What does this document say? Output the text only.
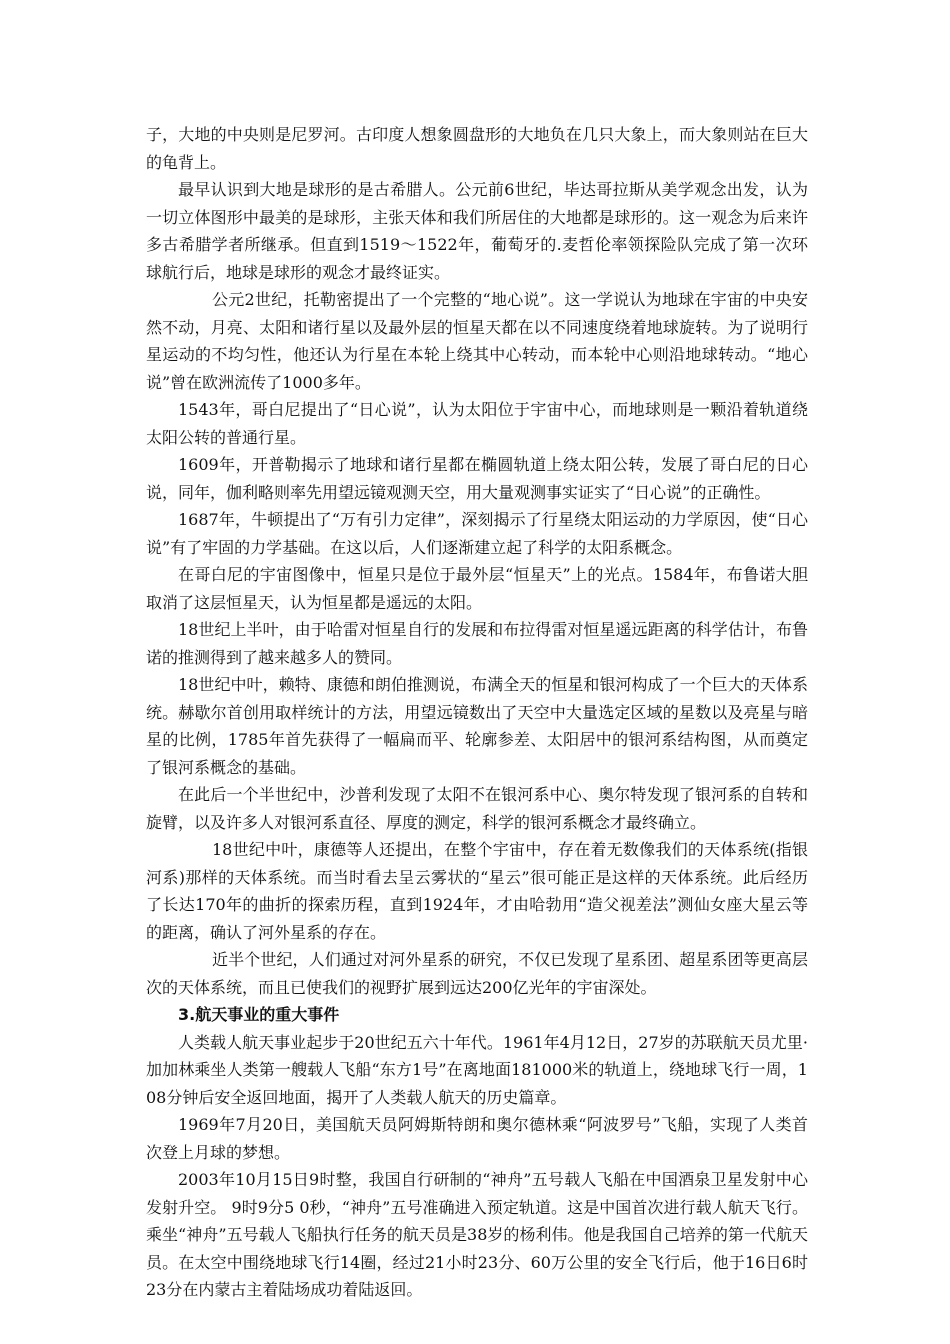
子，大地的中央则是尼罗河。古印度人想象圆盘形的大地负在几只大象上，而大象则站在巨大的龟背上。

最早认识到大地是球形的是古希腊人。公元前6世纪，毕达哥拉斯从美学观念出发，认为一切立体图形中最美的是球形，主张天体和我们所居住的大地都是球形的。这一观念为后来许多古希腊学者所继承。但直到1519～1522年，葡萄牙的.麦哲伦率领探险队完成了第一次环球航行后，地球是球形的观念才最终证实。

公元2世纪，托勒密提出了一个完整的“地心说”。这一学说认为地球在宇宙的中央安然不动，月亮、太阳和诸行星以及最外层的恒星天都在以不同速度绕着地球旋转。为了说明行星运动的不均匀性，他还认为行星在本轮上绕其中心转动，而本轮中心则沿地球转动。“地心说”曾在欧洲流传了1000多年。

1543年，哥白尼提出了“日心说”，认为太阳位于宇宙中心，而地球则是一颗沿着轨道绕太阳公转的普通行星。

1609年，开普勒揭示了地球和诸行星都在椭圆轨道上绕太阳公转，发展了哥白尼的日心说，同年，伽利略则率先用望远镜观测天空，用大量观测事实证实了“日心说”的正确性。

1687年，牛顿提出了“万有引力定律”，深刻揭示了行星绕太阳运动的力学原因，使“日心说”有了牢固的力学基础。在这以后，人们逐渐建立起了科学的太阳系概念。

在哥白尼的宇宙图像中，恒星只是位于最外层“恒星天”上的光点。1584年，布鲁诺大胆取消了这层恒星天，认为恒星都是遥远的太阳。

18世纪上半叶，由于哈雷对恒星自行的发展和布拉得雷对恒星遥远距离的科学估计，布鲁诺的推测得到了越来越多人的赞同。

18世纪中叶，赖特、康德和朗伯推测说，布满全天的恒星和银河构成了一个巨大的天体系统。赫歇尔首创用取样统计的方法，用望远镜数出了天空中大量选定区域的星数以及亮星与暗星的比例，1785年首先获得了一幅扁而平、轮廓参差、太阳居中的银河系结构图，从而奠定了银河系概念的基础。

在此后一个半世纪中，沙普利发现了太阳不在银河系中心、奥尔特发现了银河系的自转和旋臂，以及许多人对银河系直径、厚度的测定，科学的银河系概念才最终确立。

18世纪中叶，康德等人还提出，在整个宇宙中，存在着无数像我们的天体系统(指银河系)那样的天体系统。而当时看去呈云雾状的“星云”很可能正是这样的天体系统。此后经历了长达170年的曲折的探索历程，直到1924年，才由哈勃用“造父视差法”测仙女座大星云等的距离，确认了河外星系的存在。

近半个世纪，人们通过对河外星系的研究，不仅已发现了星系团、超星系团等更高层次的天体系统，而且已使我们的视野扩展到远达200亿光年的宇宙深处。

3.航天事业的重大事件

人类载人航天事业起步于20世纪五六十年代。1961年4月12日，27岁的苏联航天员尤里·加加林乘坐人类第一艘载人飞船“东方1号”在离地面181000米的轨道上，绕地球飞行一周，108分钟后安全返回地面，揭开了人类载人航天的历史篇章。

1969年7月20日，美国航天员阿姆斯特朗和奥尔德林乘“阿波罗号”飞船，实现了人类首次登上月球的梦想。

2003年10月15日9时整，我国自行研制的“神舟”五号载人飞船在中国酒泉卫星发射中心发射升空。 9时9分5 0秒，“神舟”五号准确进入预定轨道。这是中国首次进行载人航天飞行。乘坐“神舟”五号载人飞船执行任务的航天员是38岁的杨利伟。他是我国自己培养的第一代航天员。在太空中围绕地球飞行14圈，经过21小时23分、60万公里的安全飞行后，他于16日6时23分在内蒙古主着陆场成功着陆返回。
